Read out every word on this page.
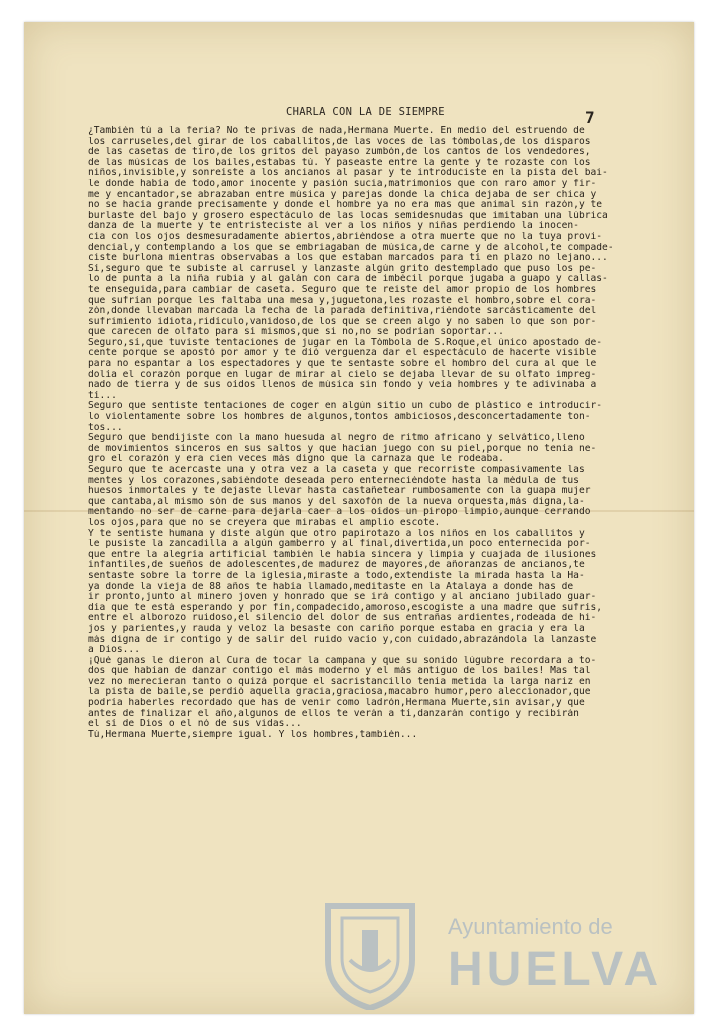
CHARLA CON LA DE SIEMPRE	7
¿También tú a la feria? No te privas de nada,Hermana Muerte. En medio del estruendo de
los carruseles,del girar de los caballitos,de las voces de las tómbolas,de los disparos
de las casetas de tiro,de los gritos del payaso zumbón,de los cantos de los vendedores,
de las músicas de los bailes,estabas tú. Y paseaste entre la gente y te rozaste con los
niños,invisible,y sonreíste a los ancianos al pasar y te introduciste en la pista del bai-
le donde había de todo,amor inocente y pasión sucia,matrimonios que con raro amor y fir-
me y encantador,se abrazaban entre música y parejas donde la chica dejaba de ser chica y
no se hacía grande precisamente y donde el hombre ya no era mas que animal sin razón,y te
burlaste del bajo y grosero espectáculo de las locas semidesnudas que imitaban una lúbrica
danza de la muerte y te entristeciste al ver a los niños y niñas perdiendo la inocen-
cia con los ojos desmesuradamente abiertos,abriéndose a otra muerte que no la tuya provi-
dencial,y contemplando a los que se embriagaban de música,de carne y de alcohol,te compade-
ciste burlona mientras observabas a los que estaban marcados para tí en plazo no lejano...
Sí,seguro que te subiste al carrusel y lanzaste algún grito destemplado que puso los pe-
lo de punta a la niña rubia y al galán con cara de imbécil porque jugaba a guapo y callas-
te enseguida,para cambiar de caseta. Seguro que te reiste del amor propio de los hombres
que sufrían porque les faltaba una mesa y,juguetona,les rozaste el hombro,sobre el cora-
zón,donde llevaban marcada la fecha de la parada definitiva,riéndote sarcásticamente del
sufrimiento idiota,ridículo,vanidoso,de los que se creen algo y no saben lo que son por-
que carecen de olfato para sí mismos,que si no,no se podrían soportar...
Seguro,sí,que tuviste tentaciones de jugar en la Tómbola de S.Roque,el único apostado de-
cente porque se apostó por amor y te dió verguenza dar el espectáculo de hacerte visible
para no espantar a los espectadores y que te sentaste sobre el hombro del cura al que le
dolía el corazón porque en lugar de mirar al cielo se dejaba llevar de su olfato impreg-
nado de tierra y de sus oídos llenos de música sin fondo y veía hombres y te adivinaba a
tí...
Seguro que sentiste tentaciones de coger en algún sitio un cubo de plástico e introducir-
lo violentamente sobre los hombres de algunos,tontos ambiciosos,desconcertadamente ton-
tos...
Seguro que bendijiste con la mano huesuda al negro de ritmo africano y selvático,lleno
de movimientos sinceros en sus saltos y que hacían juego con su piel,porque no tenía ne-
gro el corazón y era cien veces más digno que la carnaza que le rodeaba.
Seguro que te acercaste una y otra vez a la caseta y que recorriste compasivamente las
mentes y los corazones,sabiéndote deseada pero enterneciéndote hasta la médula de tus
huesos inmortales y te dejaste llevar hasta castañetear rumbosamente con la guapa mujer
que cantaba,al mismo són de sus manos y del saxofón de la nueva orquesta,más digna,la-
mentando no ser de carne para dejarla caer a los oídos un piropo limpio,aunque cerrando
los ojos,para que no se creyera que mirabas el amplio escote.
Y te sentiste humana y diste algún que otro papirotazo a los niños en los caballitos y
le pusiste la zancadilla a algún gamberro y al final,divertida,un poco enternecida por-
que entre la alegría artificial también le había sincera y limpia y cuajada de ilusiones
infantiles,de sueños de adolescentes,de madurez de mayores,de añoranzas de ancianos,te
sentaste sobre la torre de la iglesia,miraste a todo,extendiste la mirada hasta la Ha-
ya donde la vieja de 88 años te había llamado,meditaste en la Atalaya a donde has de
ir pronto,junto al minero joven y honrado que se irá contigo y al anciano jubilado guar-
día que te está esperando y por fín,compadecido,amoroso,escogiste a una madre que sufrís,
entre el alborozo ruidoso,el silencio del dolor de sus entrañas ardientes,rodeada de hi-
jos y parientes,y rauda y veloz la besaste con cariño porque estaba en gracia y era la
más digna de ir contigo y de salir del ruido vacío y,con cuidado,abrazándola la lanzaste
a Dios...
¡Qué ganas le dieron al Cura de tocar la campana y que su sonido lúgubre recordara a to-
dos que habían de danzar contigo el más moderno y el más antiguo de los bailes! Mas tal
vez no merecieran tanto o quizá porque el sacristancillo tenía metida la larga nariz en
la pista de baile,se perdió aquella gracia,graciosa,macabro humor,pero aleccionador,que
podría haberles recordado que has de venir como ladrón,Hermana Muerte,sin avisar,y que
antes de finalizar el año,algunos de ellos te verán a tí,danzarán contigo y recibirán
el sí de Dios o el nó de sus vidas...
Tú,Hermana Muerte,siempre igual. Y los hombres,también...
Ayuntamiento de
HUELVA
